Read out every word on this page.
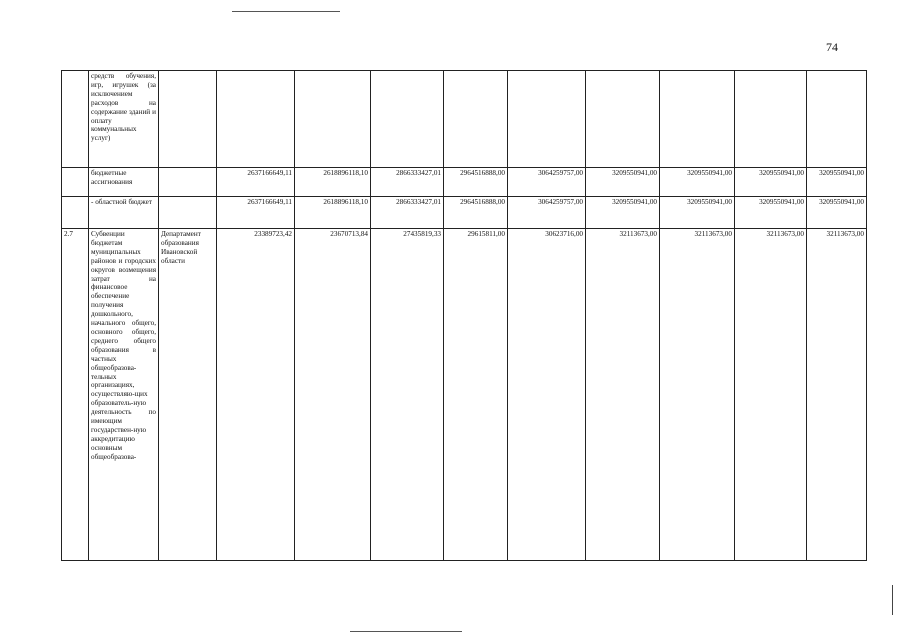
74
	средств обучения, игр, игрушек (за исключением расходов на содержание зданий и оплату коммунальных услуг)										
	бюджетные ассигнования		2637166649,11	2618896118,10	2866333427,01	2964516888,00	3064259757,00	3209550941,00	3209550941,00	3209550941,00	3209550941,00
	- областной бюджет		2637166649,11	2618896118,10	2866333427,01	2964516888,00	3064259757,00	3209550941,00	3209550941,00	3209550941,00	3209550941,00
2.7	Субвенции бюджетам муниципальных районов и городских округов возмещения затрат на финансовое обеспечение получения дошкольного, начального общего, основного общего, среднего общего образования в частных общеобразова-тельных организациях, осуществляю-щих образователь-ную деятельность по имеющим государствен-ную аккредитацию основным общеобразова-	Департамент образования Ивановской области	23389723,42	23670713,84	27435819,33	29615811,00	30623716,00	32113673,00	32113673,00	32113673,00	32113673,00
